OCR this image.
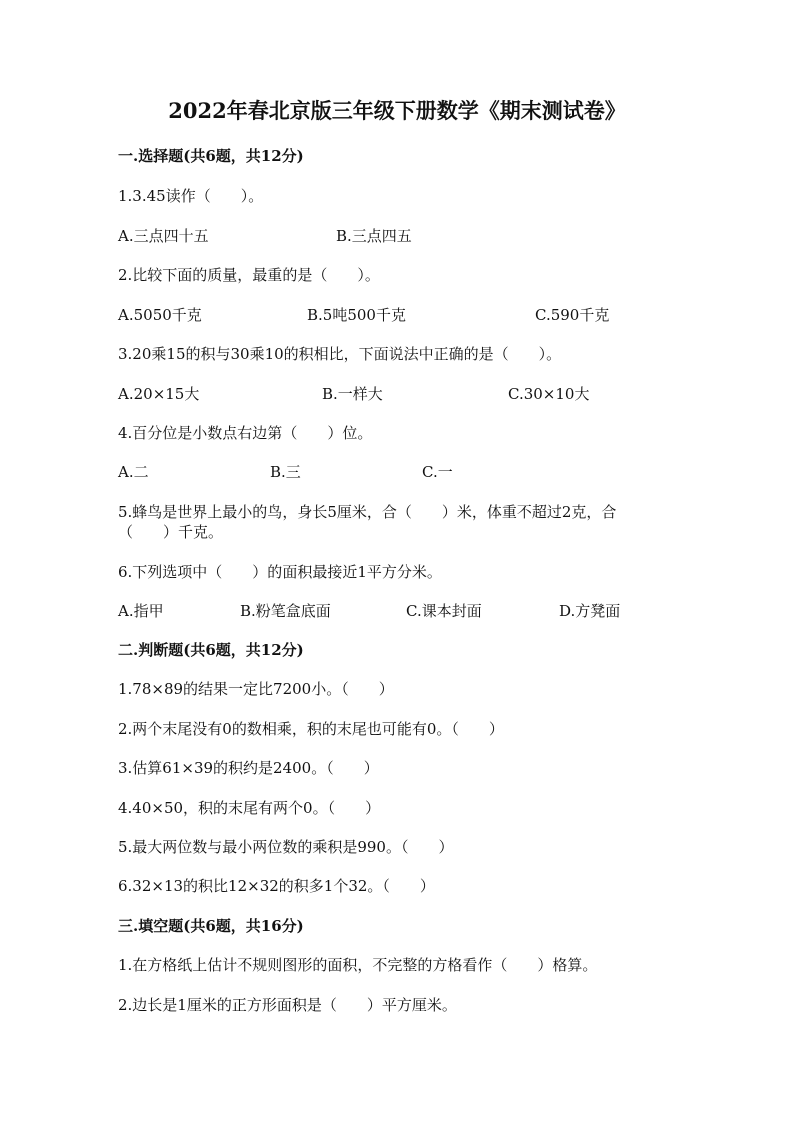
2022年春北京版三年级下册数学《期末测试卷》
一.选择题(共6题，共12分)
1.3.45读作（　　）。
A.三点四十五	B.三点四五
2.比较下面的质量，最重的是（　　）。
A.5050千克	B.5吨500千克	C.590千克
3.20乘15的积与30乘10的积相比，下面说法中正确的是（　　）。
A.20×15大	B.一样大	C.30×10大
4.百分位是小数点右边第（　　）位。
A.二	B.三	C.一
5.蜂鸟是世界上最小的鸟，身长5厘米，合（　　）米，体重不超过2克，合
（　　）千克。
6.下列选项中（　　）的面积最接近1平方分米。
A.指甲	B.粉笔盒底面	C.课本封面	D.方凳面
二.判断题(共6题，共12分)
1.78×89的结果一定比7200小。（　　）
2.两个末尾没有0的数相乘，积的末尾也可能有0。（　　）
3.估算61×39的积约是2400。（　　）
4.40×50，积的末尾有两个0。（　　）
5.最大两位数与最小两位数的乘积是990。（　　）
6.32×13的积比12×32的积多1个32。（　　）
三.填空题(共6题，共16分)
1.在方格纸上估计不规则图形的面积，不完整的方格看作（　　）格算。
2.边长是1厘米的正方形面积是（　　）平方厘米。
